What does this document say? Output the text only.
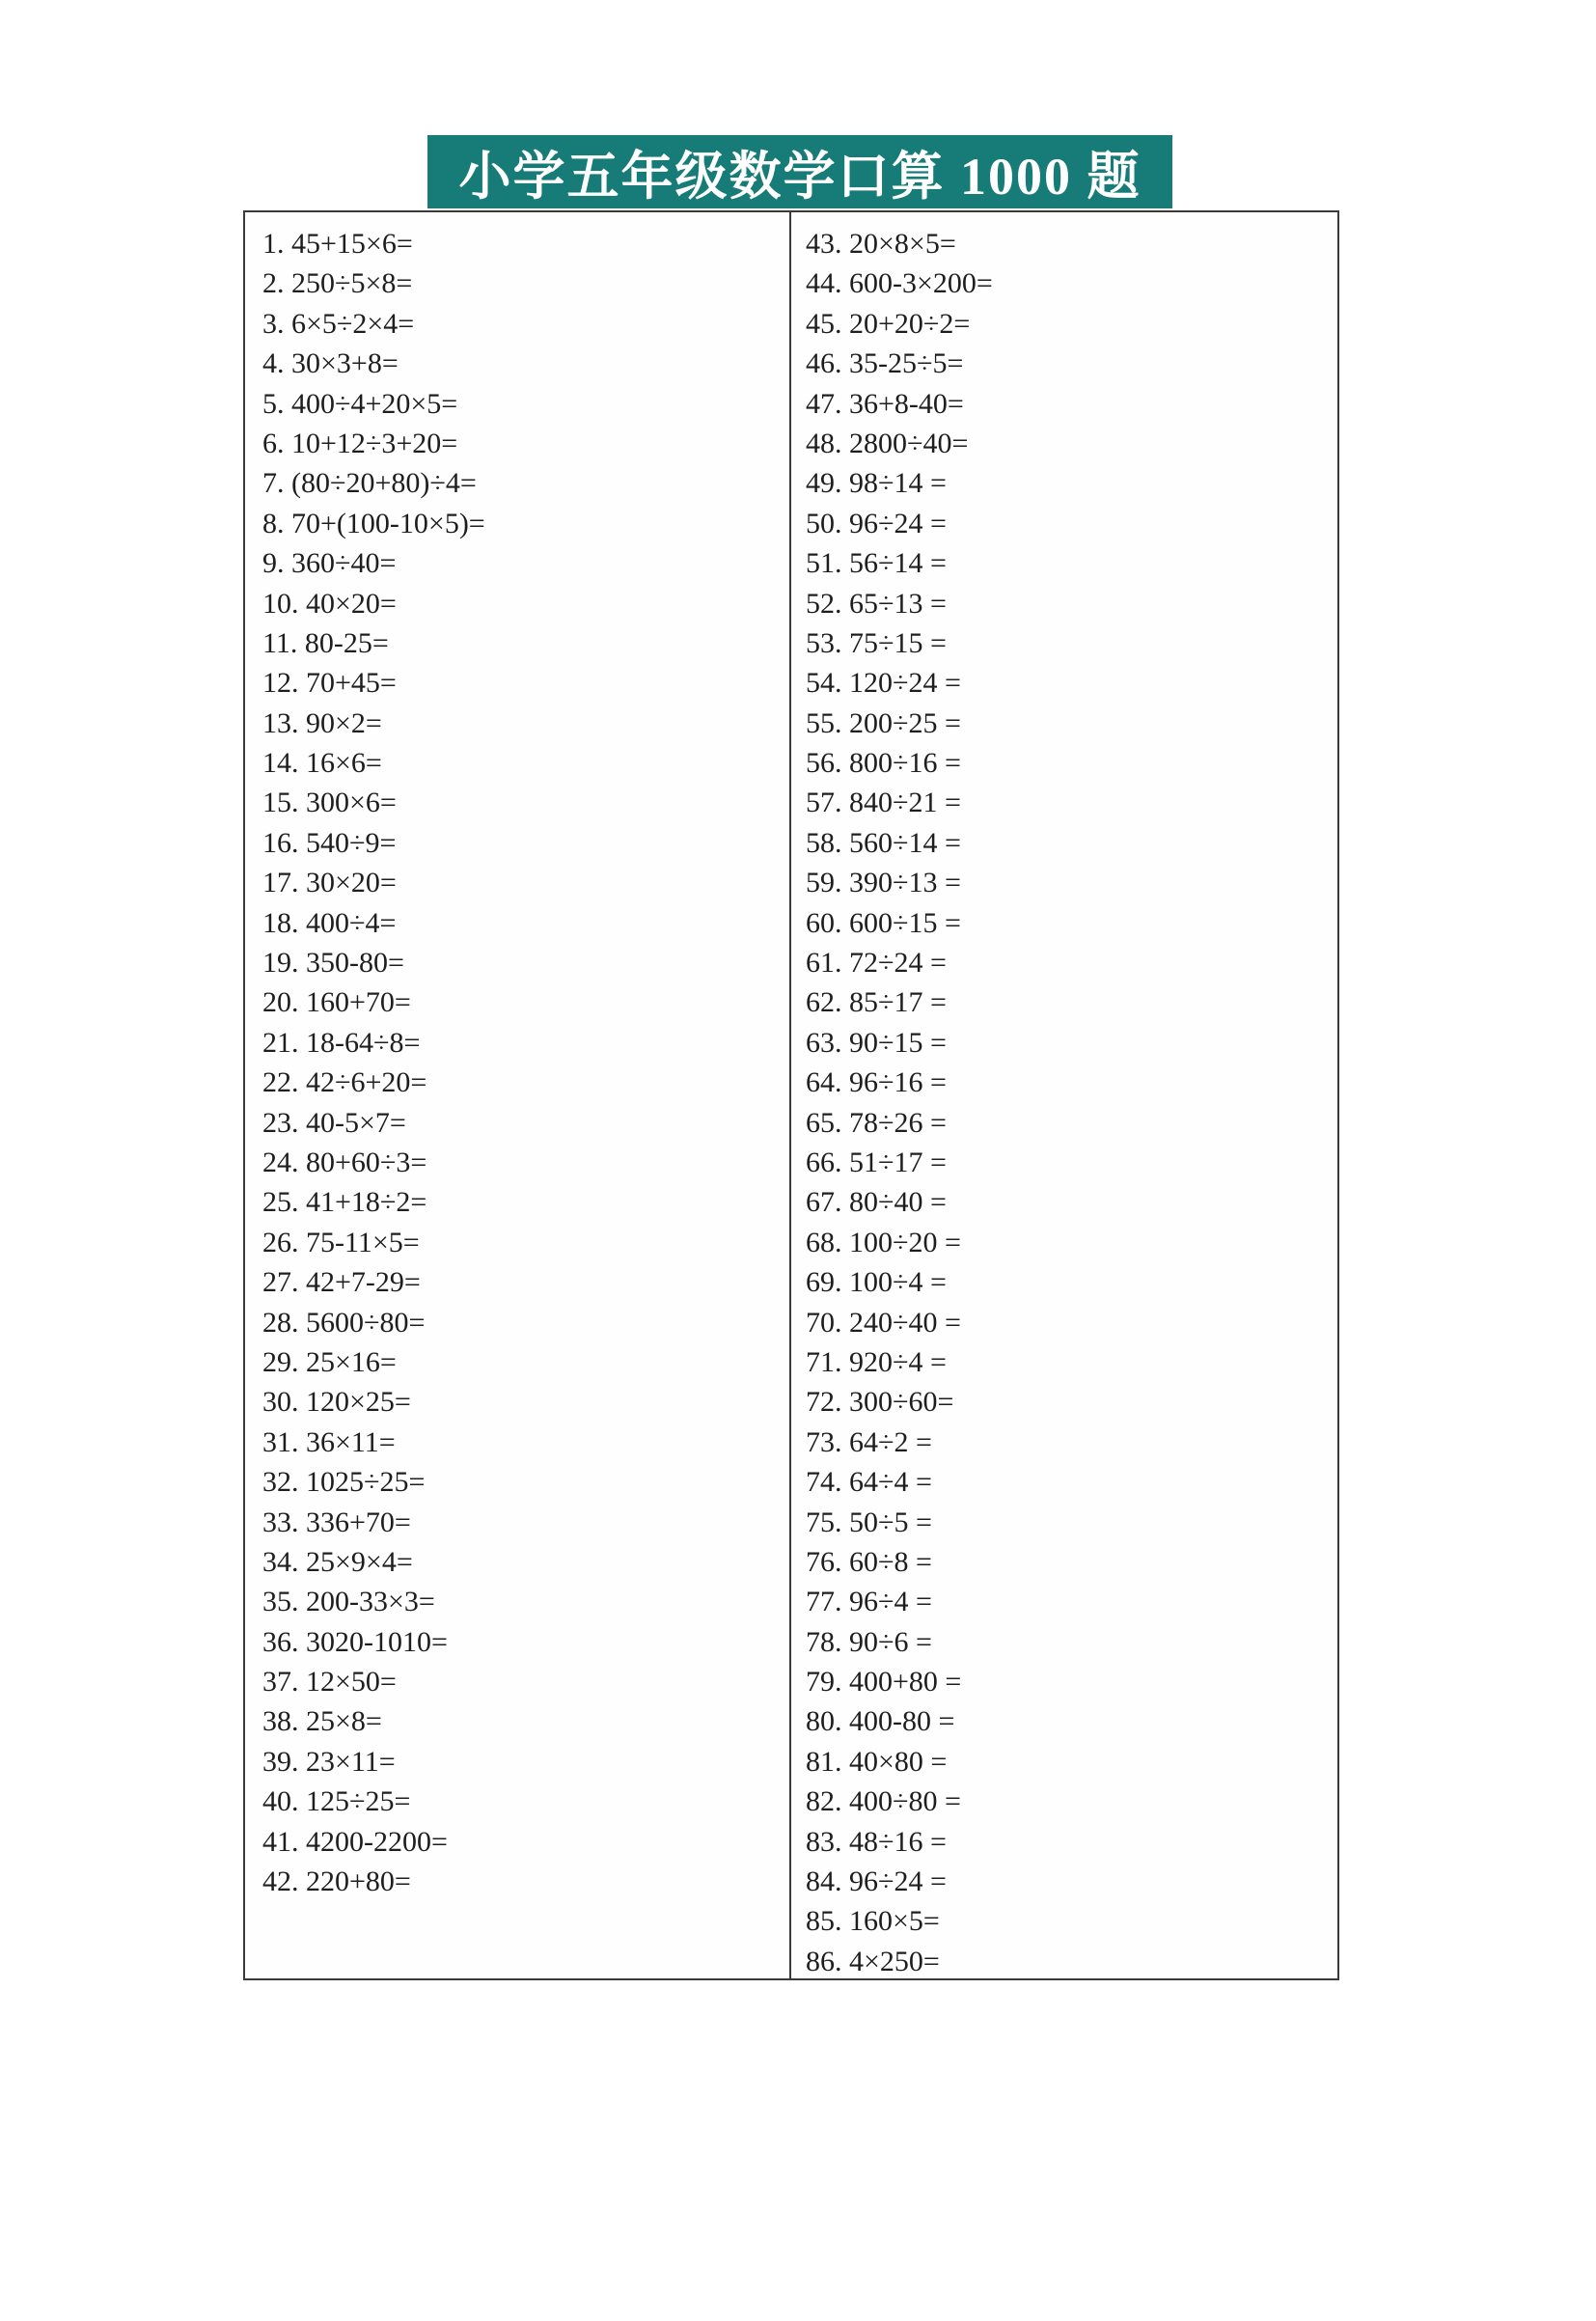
小学五年级数学口算 1000 题
1. 45+15×6=
2. 250÷5×8=
3. 6×5÷2×4=
4. 30×3+8=
5. 400÷4+20×5=
6. 10+12÷3+20=
7. (80÷20+80)÷4=
8. 70+(100-10×5)=
9. 360÷40=
10. 40×20=
11. 80-25=
12. 70+45=
13. 90×2=
14. 16×6=
15. 300×6=
16. 540÷9=
17. 30×20=
18. 400÷4=
19. 350-80=
20. 160+70=
21. 18-64÷8=
22. 42÷6+20=
23. 40-5×7=
24. 80+60÷3=
25. 41+18÷2=
26. 75-11×5=
27. 42+7-29=
28. 5600÷80=
29. 25×16=
30. 120×25=
31. 36×11=
32. 1025÷25=
33. 336+70=
34. 25×9×4=
35. 200-33×3=
36. 3020-1010=
37. 12×50=
38. 25×8=
39. 23×11=
40. 125÷25=
41. 4200-2200=
42. 220+80=
43. 20×8×5=
44. 600-3×200=
45. 20+20÷2=
46. 35-25÷5=
47. 36+8-40=
48. 2800÷40=
49. 98÷14 =
50. 96÷24 =
51. 56÷14 =
52. 65÷13 =
53. 75÷15 =
54. 120÷24 =
55. 200÷25 =
56. 800÷16 =
57. 840÷21 =
58. 560÷14 =
59. 390÷13 =
60. 600÷15 =
61. 72÷24 =
62. 85÷17 =
63. 90÷15 =
64. 96÷16 =
65. 78÷26 =
66. 51÷17 =
67. 80÷40 =
68. 100÷20 =
69. 100÷4 =
70. 240÷40 =
71. 920÷4 =
72. 300÷60=
73. 64÷2 =
74. 64÷4 =
75. 50÷5 =
76. 60÷8 =
77. 96÷4 =
78. 90÷6 =
79. 400+80 =
80. 400-80 =
81. 40×80 =
82. 400÷80 =
83. 48÷16 =
84. 96÷24 =
85. 160×5=
86. 4×250=
